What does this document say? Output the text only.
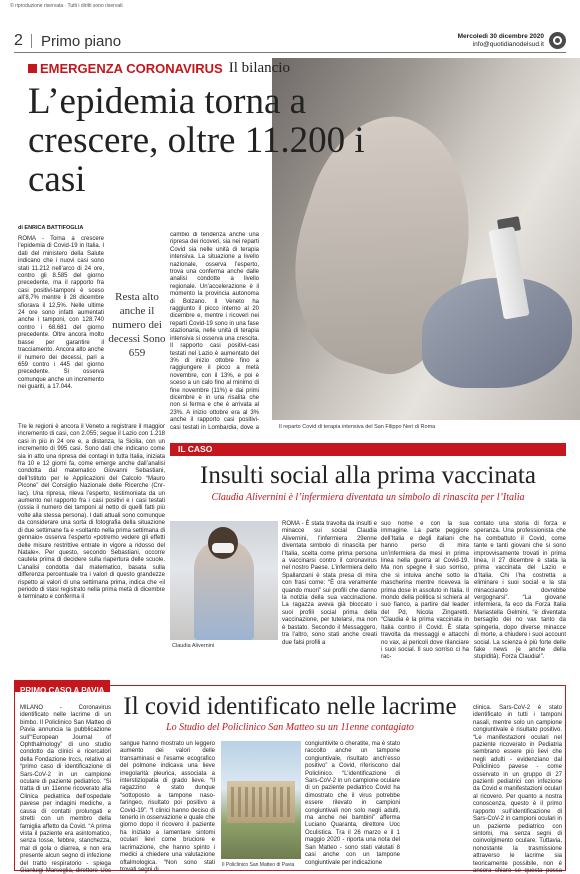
© riproduzione riservata · Tutti i diritti sono riservati
2 Primo piano	Mercoledì 30 dicembre 2020
info@quotidianodelsud.it
Il reparto Covid di terapia intensiva del San Filippo Neri di Roma
EMERGENZA CORONAVIRUS Il bilancio
L’epidemia torna a crescere, oltre 11.200 i casi
di ENRICA BATTIFOGLIA
ROMA - Torna a crescere l’epidemia di Covid-19 in Italia. I dati del ministero della Salute indicano che i nuovi casi sono stati 11.212 nell’arco di 24 ore, contro gli 8.585 del giorno precedente, ma il rapporto fra casi positivi-tamponi è sceso all’8,7% mentre il 28 dicembre sfiorava il 12,5%. Nelle ultime 24 ore sono infatti aumentati anche i tamponi, con 128.740 contro i 68.681 del giorno precedente. Oltre ancora molto basse per garantire il tracciamento. Ancora alto anche il numero dei decessi, pari a 659 contro i 445 del giorno precedente. Si osserva comunque anche un incremento nei guariti, a 17.044.
Resta alto anche il numero dei decessi Sono 659
Tre le regioni è ancora il Veneto a registrare il maggior incremento di casi, con 2.055; segue il Lazio con 1.218 casi in più in 24 ore e, a distanza, la Sicilia, con un incremento di 995 casi. Sono dati che indicano come sia in atto una ripresa dei contagi in tutta Italia, iniziata fra 10 e 12 giorni fa, come emerge anche dall’analisi condotta dal matematico Giovanni Sebastiani, dell’Istituto per le Applicazioni del Calcolo “Mauro Picone” del Consiglio Nazionale delle Ricerche (Cnr-Iac). Una ripresa, rileva l’esperto, testimoniata da un aumento nel rapporto fra i casi positivi e i casi testati (ossia il numero dei tamponi al netto di quelli fatti più volte alla stessa persona). I dati attuali sono comunque da considerare una sorta di fotografia della situazione di due settimane fa e «soltanto nella prima settimana di gennaio» osserva l’esperto «potremo vedere gli effetti delle misure restrittive entrate in vigore a ridosso del Natale». Per questo, secondo Sebastiani, occorre cautela prima di decidere sulla riapertura delle scuole. L’analisi condotta dal matematico, basata sulla differenza percentuale tra i valori di questo grandezze rispetto ai valori di una settimana prima, indica che «il periodo di stasi registrato nella prima metà di dicembre è terminato e conferma il
cambio di tendenza anche una ripresa dei ricoveri, sia nei reparti Covid sia nelle unità di terapia intensiva. La situazione a livello nazionale, osserva l’esperto, trova una conferma anche dalle analisi condotte a livello regionale. Un’accelerazione è il momento la provincia autonoma di Bolzano. Il Veneto ha raggiunto il picco interno al 20 dicembre e, mentre i ricoveri nei reparti Covid-19 sono in una fase stazionaria, nelle unità di terapia intensiva si osserva una crescita. Il rapporto casi positivi-casi testati nel Lazio è aumentato del 3% di inizio ottobre fino a raggiungere il picco a metà novembre, con il 13%, e poi è sceso a un calo fino al minimo di fine novembre (11%) e dai primi dicembre è in una risalita che non si ferma e che è arrivata al 23%. A inizio ottobre era al 3% anche il rapporto casi positivi-casi testati in Lombardia, dove a
IL CASO
Insulti social alla prima vaccinata
Claudia Alivernini è l’infermiera diventata un simbolo di rinascita per l’Italia
Claudia Alivernini
ROMA - È stata travolta da insulti e minacce sui social Claudia Alivernini, l’infermiera 29enne diventata simbolo di rinascita per l’Italia, scelta come prima persona a vaccinarsi contro il coronavirus nel nostro Paese. L’infermiera dello Spallanzani è stata presa di mira con frasi come: “È ora veramente quando muori” sui profili che danno la notizia della sua vaccinazione. La ragazza aveva già bloccato i suoi profili social prima della vaccinazione, per tutelarsi, ma non è bastato. Secondo il Messaggero, tra l’altro, sono stati anche creati due falsi profili a
suo nome e con la sua immagine. La parte peggiore dell’Italia e degli italiani che hanno perso di mira un’infermiera da mesi in prima linea nella guerra al Covid-19. Ma non spegne il suo sorriso, che si intuiva anche sotto la mascherina mentre riceveva la prima dose in assoluto in Italia. Il mondo della politica si schiera al suo fianco, a partire dal leader del Pd, Nicola Zingaretti. “Claudia è la prima vaccinata in Italia contro il Covid. È stata travolta da messaggi e attacchi no vax, ai pericoli dove rilanciare i suoi social. Il suo sorriso ci ha rac-
contato una storia di forza e speranza. Una professionista che ha combattuto il Covid, come tante e tanti giovani che si sono improvvisamente trovati in prima linea, il 27 dicembre è stata la prima vaccinata del Lazio e d’Italia. Chi l’ha costretta a eliminare i suoi social e la sta minacciando dovrebbe vergognarsi”. “La giovane infermiera, fa eco da Forza Italia Mariastella Gelmini, “è diventata bersaglio dei no vax tanto da spingerla, dopo diverse minacce di morte, a chiudere i suoi account social. La scienza è più forte delle fake news (e anche della stupidità). Forza Claudia!”.
PRIMO CASO A PAVIA
Il covid identificato nelle lacrime
Lo Studio del Policlinico San Matteo su un 11enne contagiato
MILANO - Coronavirus identificato nelle lacrime di un bimbo. Il Policlinico San Matteo di Pavia annuncia la pubblicazione sull’“European Journal of Ophthalmology” di uno studio condotto da clinici e ricercatori della Fondazione Irccs, relativo al “primo caso di identificazione di Sars-CoV-2 in un campione oculare di paziente pediatrico. “Si tratta di un 11enne ricoverato alla Clinica pediatrica dell’ospedale pavese per indagini mediche, a causa di contatti prolungati e stretti con un membro della famiglia affetto da Covid. “A prima vista il paziente era asintomatico, senza tosse, febbre, stanchezza, mal di gola o diarrea, e non era presente alcun segno di infezione del tratto respiratorio - spiega Gianluigi Marseglia, direttore Uoc
sangue hanno mostrato un leggero aumento dei valori delle transaminasi e l’esame ecografico del polmone indicava una lieve irregolarità pleurica, associata a interstiziopatia di grado lieve. “Il ragazzino è stato dunque “sottoposto a tampone naso-faringeo, risultato poi positivo a Covid-19”. “I clinici hanno deciso di tenerlo in osservazione e quale che giorno dopo il ricovero il paziente ha iniziato a lamentare sintomi oculari lievi come bruciore e lacrimazione, che hanno spinto i medici a chiedere una valutazione oftalmologica. “Non sono stati trovati segni di
Il Policlinico San Matteo di Pavia
congiuntivite o cheratite, ma è stato raccolto anche un tampone congiuntivale, risultato anch’esso positivo” a Covid, riferiscono dal Policlinico. “L’identificazione di Sars-CoV-2 in un campione oculare di un paziente pediatrico Covid ha dimostrato che il virus potrebbe essere rilevato in campioni congiuntivali non solo negli adulti, ma anche nei bambini” afferma Luciano Quaranta, direttore Uoc Oculistica. Tra il 26 marzo e il 1 maggio 2020 - riporta una nota del San Matteo - sono stati valutati 8 casi anche con un tampone congiuntivale per indicazione
clinica. Sars-CoV-2 è stato identificato in tutti i tamponi nasali, mentre solo un campione congiuntivale è risultato positivo. “Le manifestazioni oculari nel paziente ricoverato in Pediatria sembrano essere più lievi che negli adulti - evidenziano dal Policlinico pavese - come osservato in un gruppo di 27 pazienti pediatrici con infezione da Covid e manifestazioni oculari al ricovero. Per quanto a nostra conoscenza, questo è il primo rapporto sull’identificazione di Sars-CoV-2 in campioni oculari in un paziente pediatrico con sintomi, ma senza segni di coinvolgimento oculare. Tuttavia, nonostante la trasmissione attraverso le lacrime sia teoricamente possibile, non è ancora chiaro se questa possa
